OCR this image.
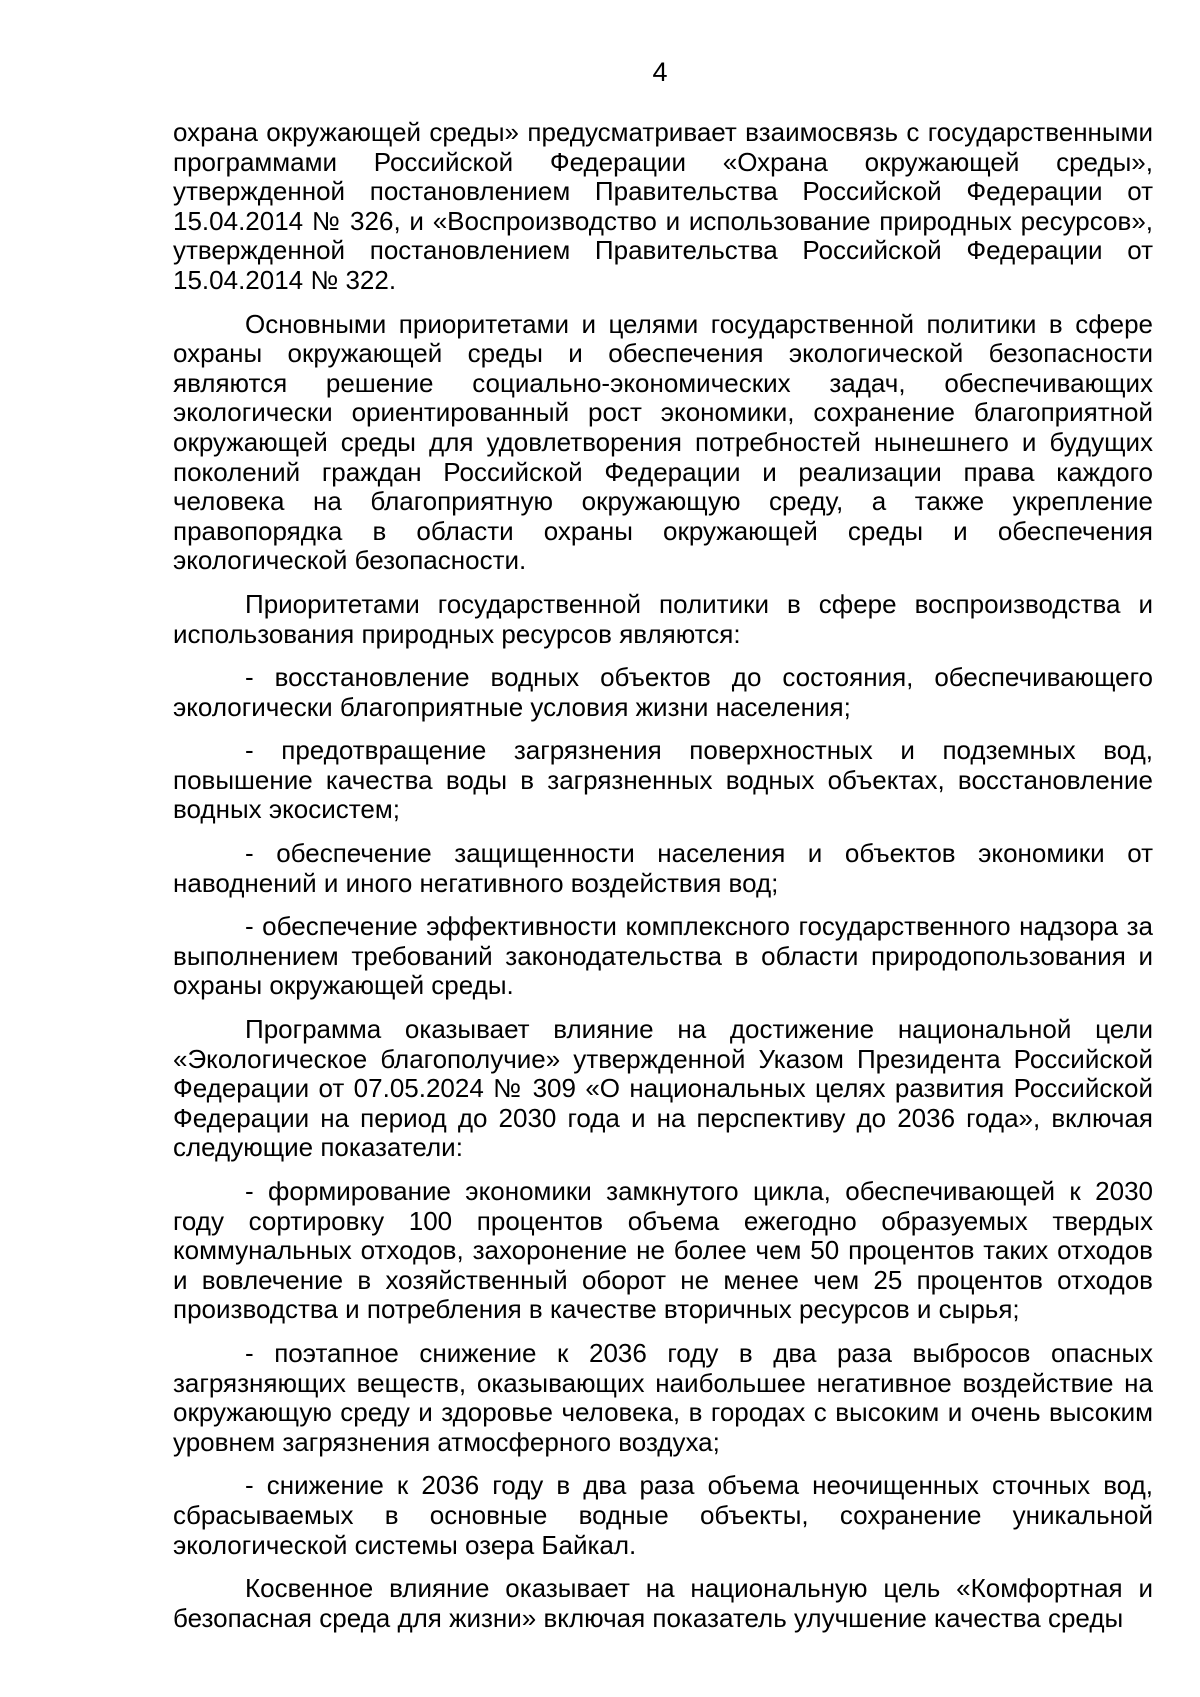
4

охрана окружающей среды» предусматривает взаимосвязь с государственными программами Российской Федерации «Охрана окружающей среды», утвержденной постановлением Правительства Российской Федерации от 15.04.2014 № 326, и «Воспроизводство и использование природных ресурсов», утвержденной постановлением Правительства Российской Федерации от 15.04.2014 № 322.

Основными приоритетами и целями государственной политики в сфере охраны окружающей среды и обеспечения экологической безопасности являются решение социально-экономических задач, обеспечивающих экологически ориентированный рост экономики, сохранение благоприятной окружающей среды для удовлетворения потребностей нынешнего и будущих поколений граждан Российской Федерации и реализации права каждого человека на благоприятную окружающую среду, а также укрепление правопорядка в области охраны окружающей среды и обеспечения экологической безопасности.

Приоритетами государственной политики в сфере воспроизводства и использования природных ресурсов являются:

- восстановление водных объектов до состояния, обеспечивающего экологически благоприятные условия жизни населения;

- предотвращение загрязнения поверхностных и подземных вод, повышение качества воды в загрязненных водных объектах, восстановление водных экосистем;

- обеспечение защищенности населения и объектов экономики от наводнений и иного негативного воздействия вод;

- обеспечение эффективности комплексного государственного надзора за выполнением требований законодательства в области природопользования и охраны окружающей среды.

Программа оказывает влияние на достижение национальной цели «Экологическое благополучие» утвержденной Указом Президента Российской Федерации от 07.05.2024 № 309 «О национальных целях развития Российской Федерации на период до 2030 года и на перспективу до 2036 года», включая следующие показатели:

- формирование экономики замкнутого цикла, обеспечивающей к 2030 году сортировку 100 процентов объема ежегодно образуемых твердых коммунальных отходов, захоронение не более чем 50 процентов таких отходов и вовлечение в хозяйственный оборот не менее чем 25 процентов отходов производства и потребления в качестве вторичных ресурсов и сырья;

- поэтапное снижение к 2036 году в два раза выбросов опасных загрязняющих веществ, оказывающих наибольшее негативное воздействие на окружающую среду и здоровье человека, в городах с высоким и очень высоким уровнем загрязнения атмосферного воздуха;

- снижение к 2036 году в два раза объема неочищенных сточных вод, сбрасываемых в основные водные объекты, сохранение уникальной экологической системы озера Байкал.

Косвенное влияние оказывает на национальную цель «Комфортная и безопасная среда для жизни» включая показатель улучшение качества среды
